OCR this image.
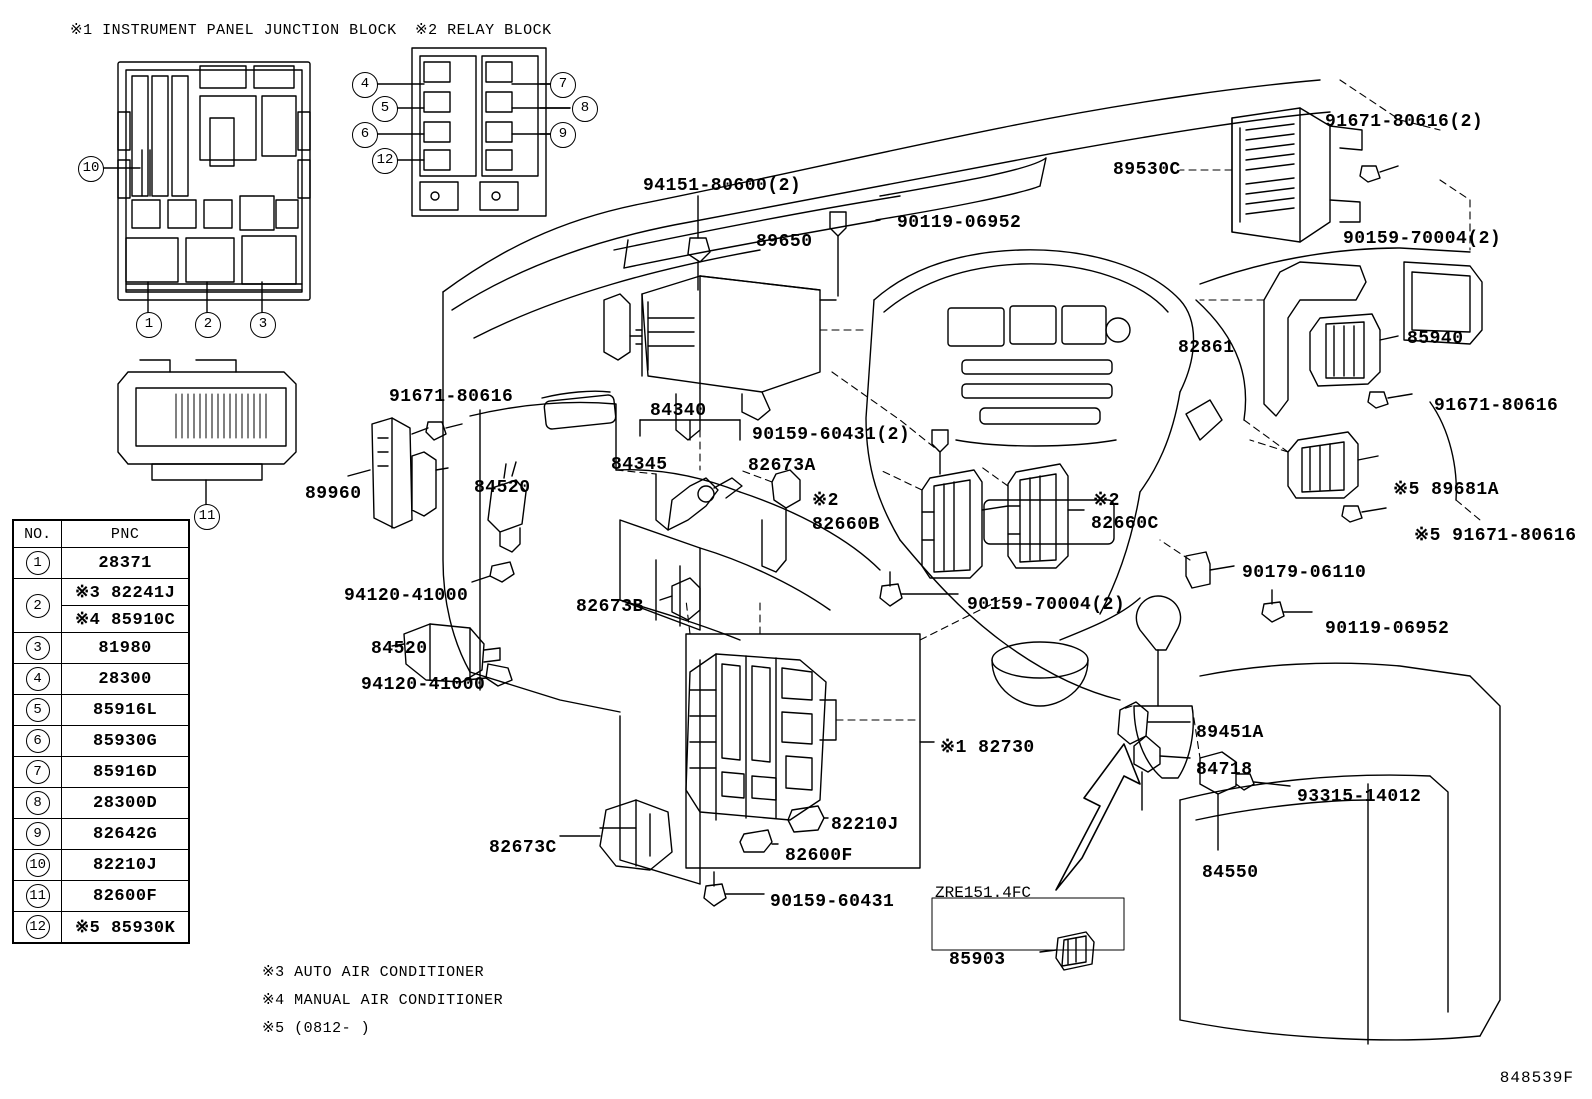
※1 INSTRUMENT PANEL JUNCTION BLOCK ※2 RELAY BLOCK
4
5
6
12
7
8
9
10
1	2	3
11
NO.	PNC
1	28371
2	※3 82241J
	※4 85910C
3	81980
4	28300
5	85916L
6	85930G
7	85916D
8	28300D
9	82642G
10	82210J
11	82600F
12	※5 85930K
※3 AUTO AIR CONDITIONER
※4 MANUAL AIR CONDITIONER
※5 (0812- )
ZRE151.4FC
848539F
89530C
91671-80616(2)
90159-70004(2)
85940
82861
91671-80616
※5 89681A
※5 91671-80616
90179-06110
90119-06952
94151-80600(2)
89650
90119-06952
84340
84345
90159-60431(2)
82673A
82660B	82660C
※2	※2
91671-80616
89960	84520
94120-41000
82673B
84520
94120-41000
90159-70004(2)
※1 82730
82210J
82600F
82673C
90159-60431
89451A
84718
93315-14012
84550
85903
